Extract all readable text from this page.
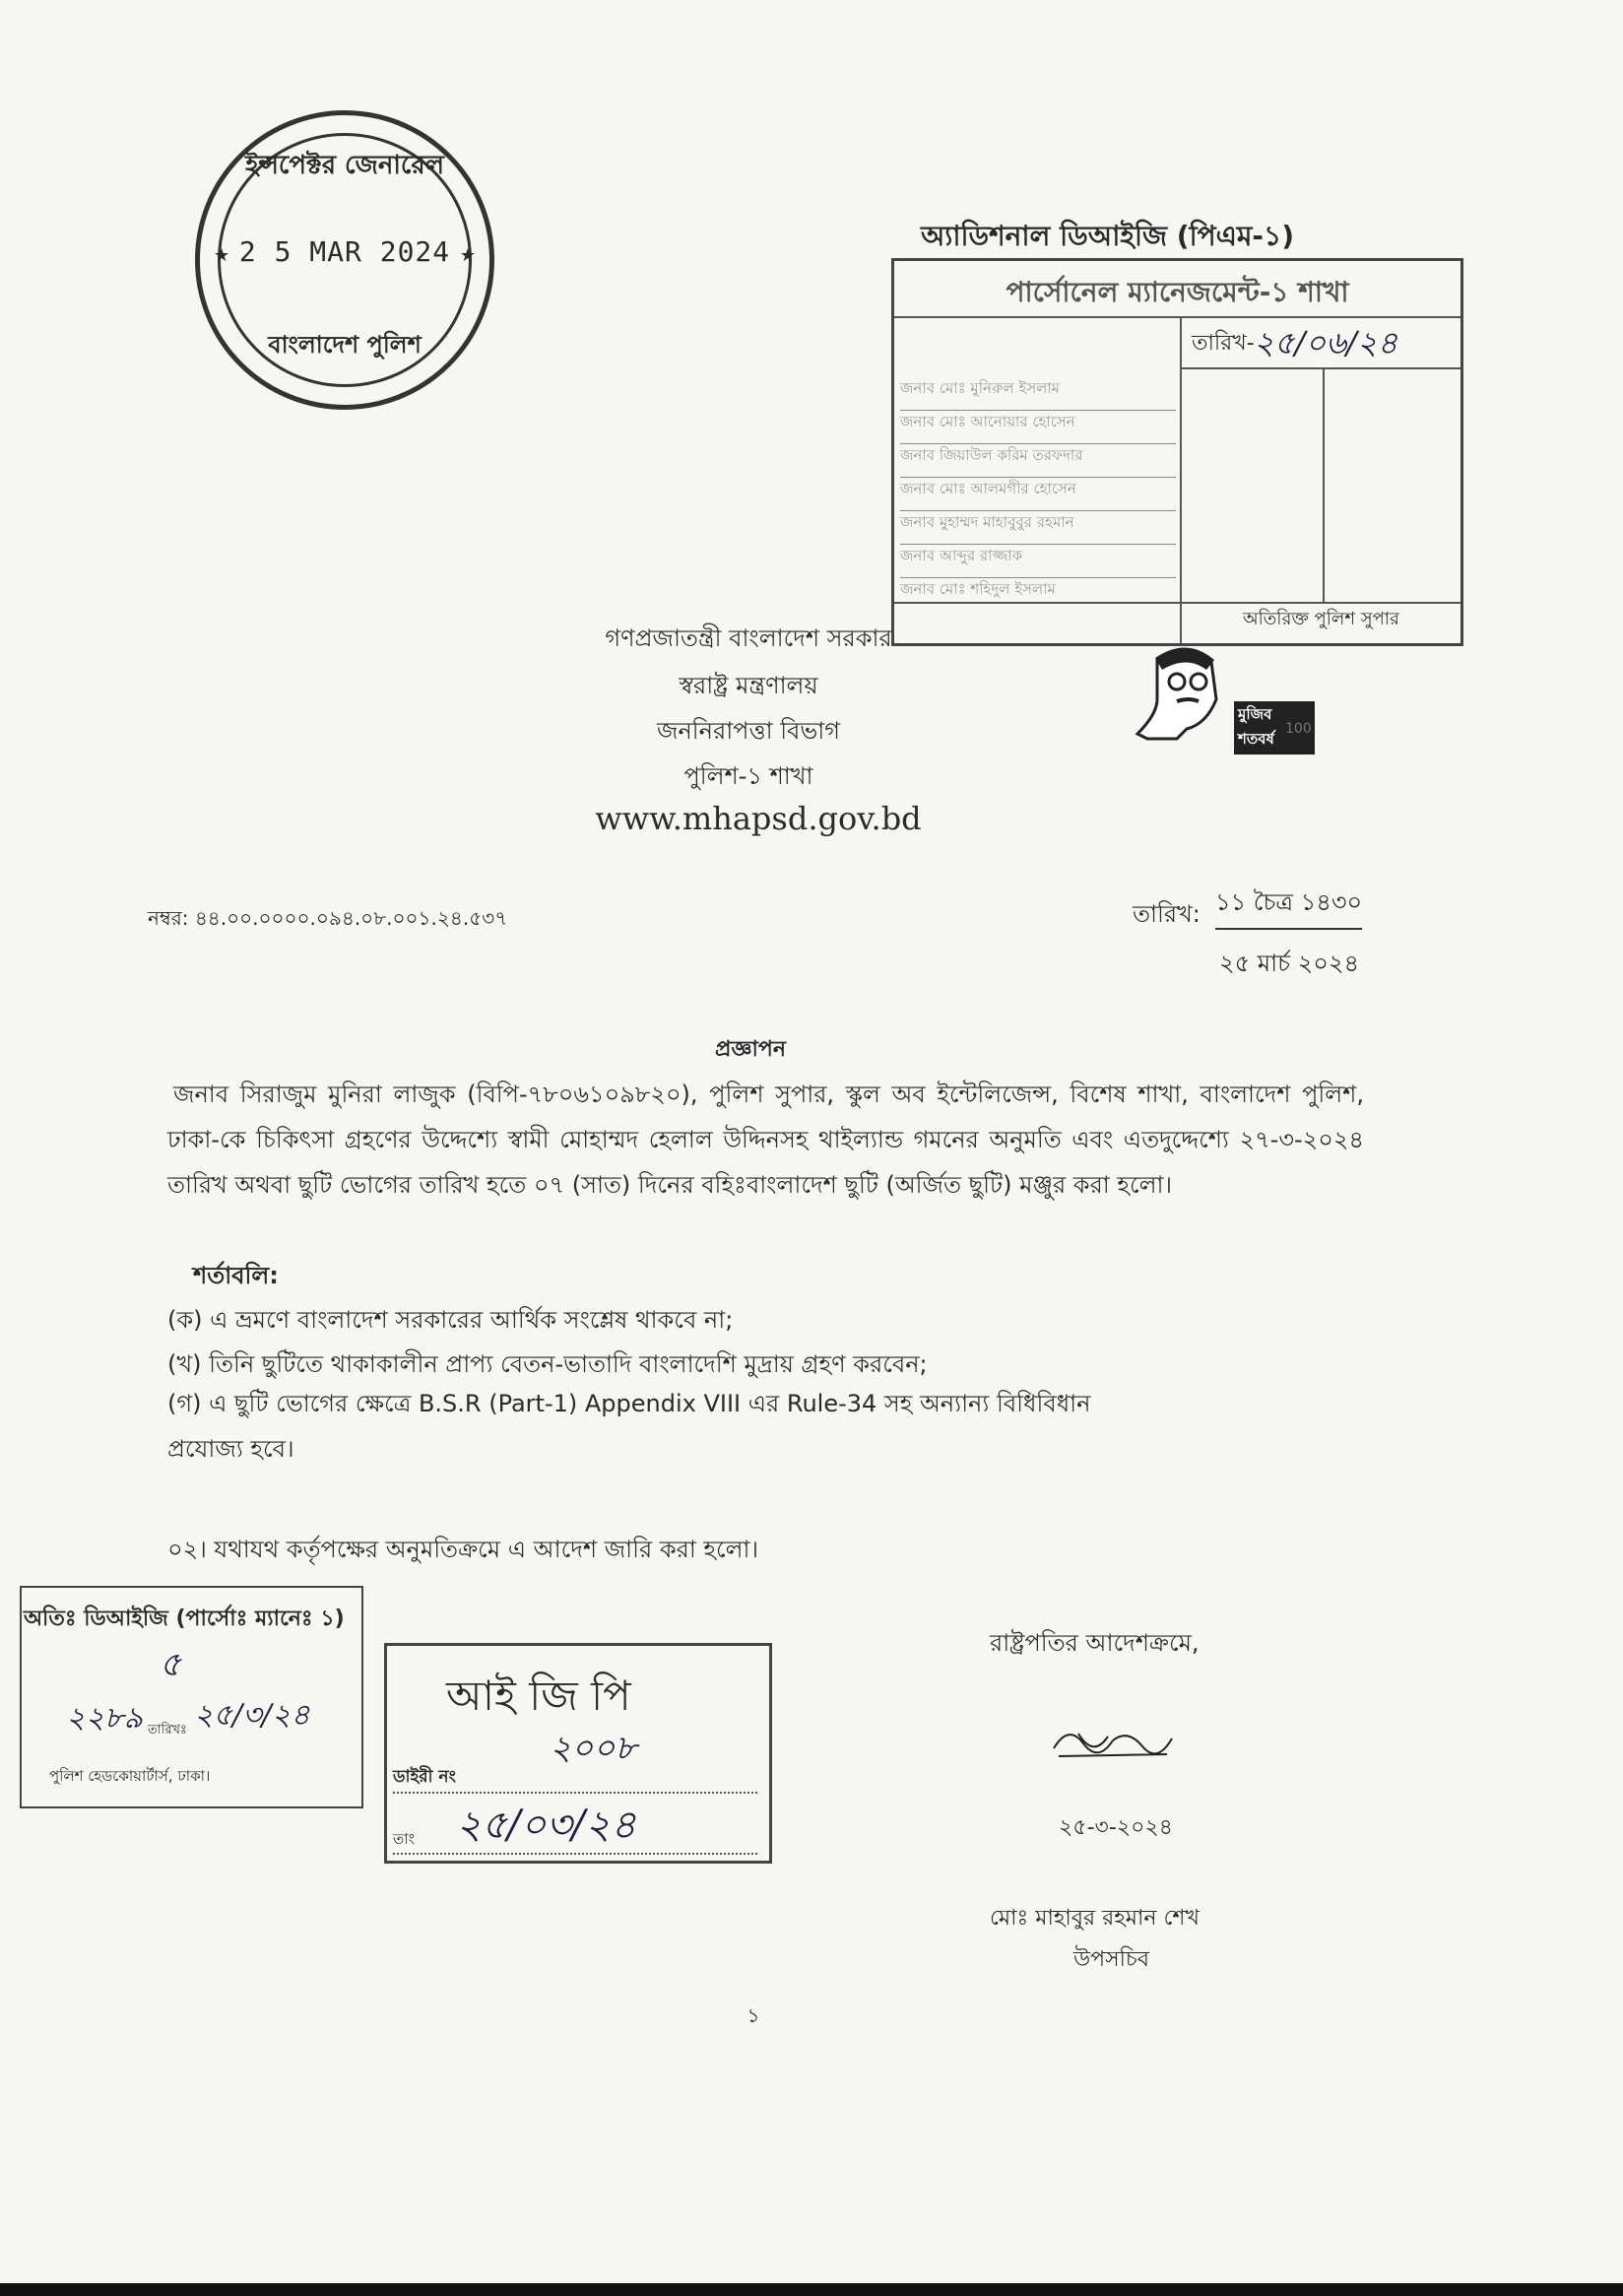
ইন্সপেক্টর জেনারেল
2 5 MAR 2024
বাংলাদেশ পুলিশ
★	★
অ্যাডিশনাল ডিআইজি (পিএম-১)
পার্সোনেল ম্যানেজমেন্ট-১ শাখা
তারিখ- ২৫/০৬/২৪
জনাব মোঃ মুনিরুল ইসলাম
জনাব মোঃ আনোয়ার হোসেন
জনাব জিয়াউল করিম তরফদার
জনাব মোঃ আলমগীর হোসেন
জনাব মুহাম্মদ মাহাবুবুর রহমান
জনাব আব্দুর রাজ্জাক
জনাব মোঃ শহিদুল ইসলাম
অতিরিক্ত পুলিশ সুপার
গণপ্রজাতন্ত্রী বাংলাদেশ সরকার
স্বরাষ্ট্র মন্ত্রণালয়
জননিরাপত্তা বিভাগ
পুলিশ-১ শাখা
www.mhapsd.gov.bd
মুজিব শতবর্ষ
100
নম্বর: ৪৪.০০.০০০০.০৯৪.০৮.০০১.২৪.৫৩৭	তারিখ: ১১ চৈত্র ১৪৩০
২৫ মার্চ ২০২৪
প্রজ্ঞাপন
জনাব সিরাজুম মুনিরা লাজুক (বিপি-৭৮০৬১০৯৮২০), পুলিশ সুপার, স্কুল অব ইন্টেলিজেন্স, বিশেষ শাখা, বাংলাদেশ পুলিশ, ঢাকা-কে চিকিৎসা গ্রহণের উদ্দেশ্যে স্বামী মোহাম্মদ হেলাল উদ্দিনসহ থাইল্যান্ড গমনের অনুমতি এবং এতদুদ্দেশ্যে ২৭-৩-২০২৪ তারিখ অথবা ছুটি ভোগের তারিখ হতে ০৭ (সাত) দিনের বহিঃবাংলাদেশ ছুটি (অর্জিত ছুটি) মঞ্জুর করা হলো।
শর্তাবলি:
(ক) এ ভ্রমণে বাংলাদেশ সরকারের আর্থিক সংশ্লেষ থাকবে না;
(খ) তিনি ছুটিতে থাকাকালীন প্রাপ্য বেতন-ভাতাদি বাংলাদেশি মুদ্রায় গ্রহণ করবেন;
(গ) এ ছুটি ভোগের ক্ষেত্রে B.S.R (Part-1) Appendix VIII এর Rule-34 সহ অন্যান্য বিধিবিধান প্রযোজ্য হবে।
০২। যথাযথ কর্তৃপক্ষের অনুমতিক্রমে এ আদেশ জারি করা হলো।
অতিঃ ডিআইজি (পার্সোঃ ম্যানেঃ ১)
৫
২২৮৯ তারিখঃ ২৫/৩/২৪
পুলিশ হেডকোয়ার্টার্স, ঢাকা।
আই জি পি
২০০৮
ডাইরী নং
তাং	২৫/০৩/২৪
রাষ্ট্রপতির আদেশক্রমে,
২৫-৩-২০২৪
মোঃ মাহাবুর রহমান শেখ
উপসচিব
১
